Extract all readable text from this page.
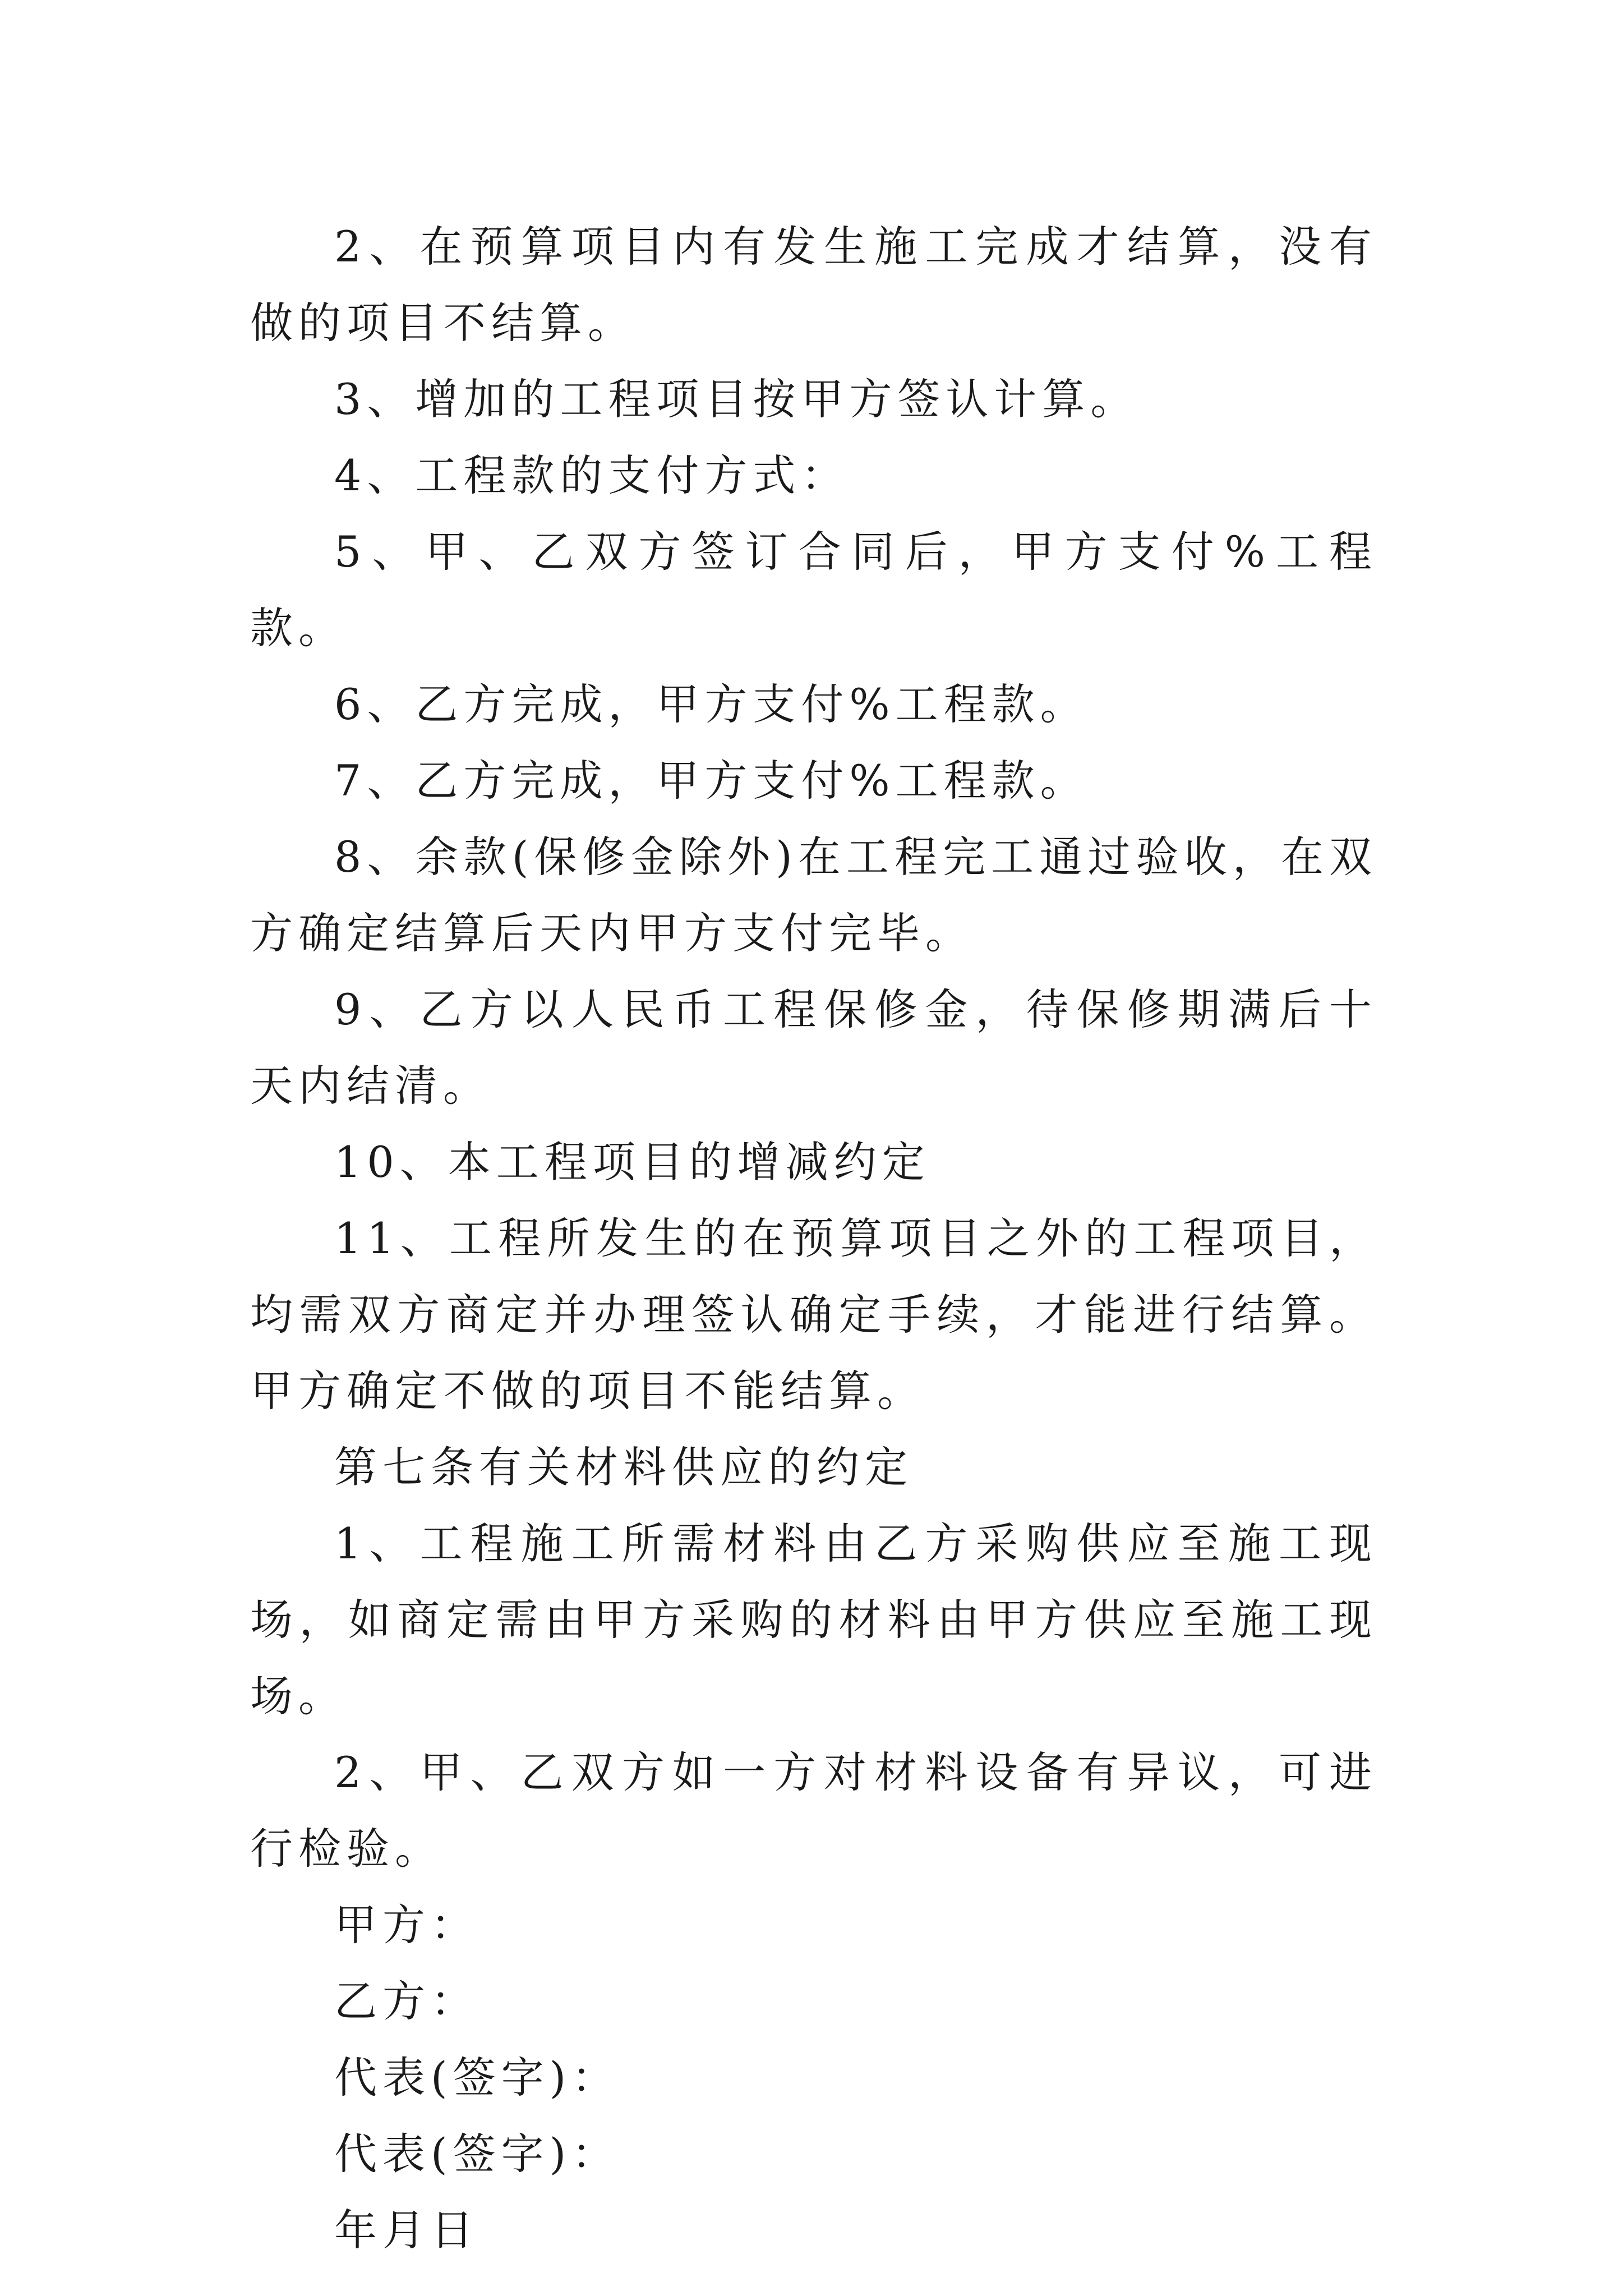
2、在预算项目内有发生施工完成才结算，没有做的项目不结算。

3、增加的工程项目按甲方签认计算。

4、工程款的支付方式：

5、甲、乙双方签订合同后，甲方支付%工程款。

6、乙方完成，甲方支付%工程款。

7、乙方完成，甲方支付%工程款。

8、余款(保修金除外)在工程完工通过验收，在双方确定结算后天内甲方支付完毕。

9、乙方以人民币工程保修金，待保修期满后十天内结清。

10、本工程项目的增减约定

11、工程所发生的在预算项目之外的工程项目，均需双方商定并办理签认确定手续，才能进行结算。甲方确定不做的项目不能结算。

第七条有关材料供应的约定

1、工程施工所需材料由乙方采购供应至施工现场，如商定需由甲方采购的材料由甲方供应至施工现场。

2、甲、乙双方如一方对材料设备有异议，可进行检验。

甲方：

乙方：

代表(签字)：

代表(签字)：

年月日
